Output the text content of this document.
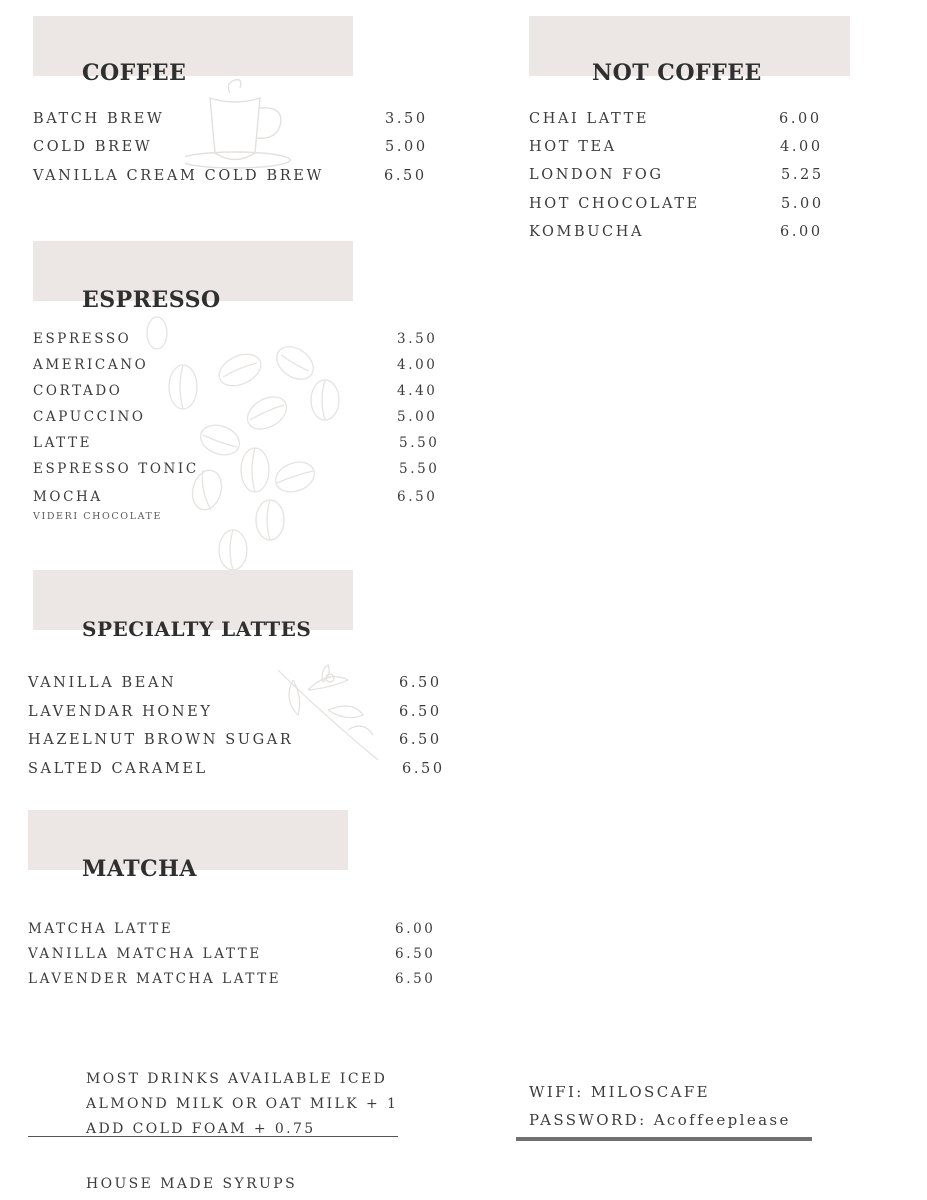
COFFEE
BATCH BREW	3.50
COLD BREW	5.00
VANILLA CREAM COLD BREW	6.50
NOT COFFEE
CHAI LATTE	6.00
HOT TEA	4.00
LONDON FOG	5.25
HOT CHOCOLATE	5.00
KOMBUCHA	6.00
ESPRESSO
ESPRESSO	3.50
AMERICANO	4.00
CORTADO	4.40
CAPUCCINO	5.00
LATTE	5.50
ESPRESSO TONIC	5.50
MOCHA	6.50
VIDERI CHOCOLATE
SPECIALTY LATTES
VANILLA BEAN	6.50
LAVENDAR HONEY	6.50
HAZELNUT BROWN SUGAR	6.50
SALTED CARAMEL	6.50
MATCHA
MATCHA LATTE	6.00
VANILLA MATCHA LATTE	6.50
LAVENDER MATCHA LATTE	6.50
MOST DRINKS AVAILABLE ICED
ALMOND MILK OR OAT MILK + 1
ADD COLD FOAM + 0.75
HOUSE MADE SYRUPS
WIFI: MILOSCAFE
PASSWORD: Acoffeeplease
